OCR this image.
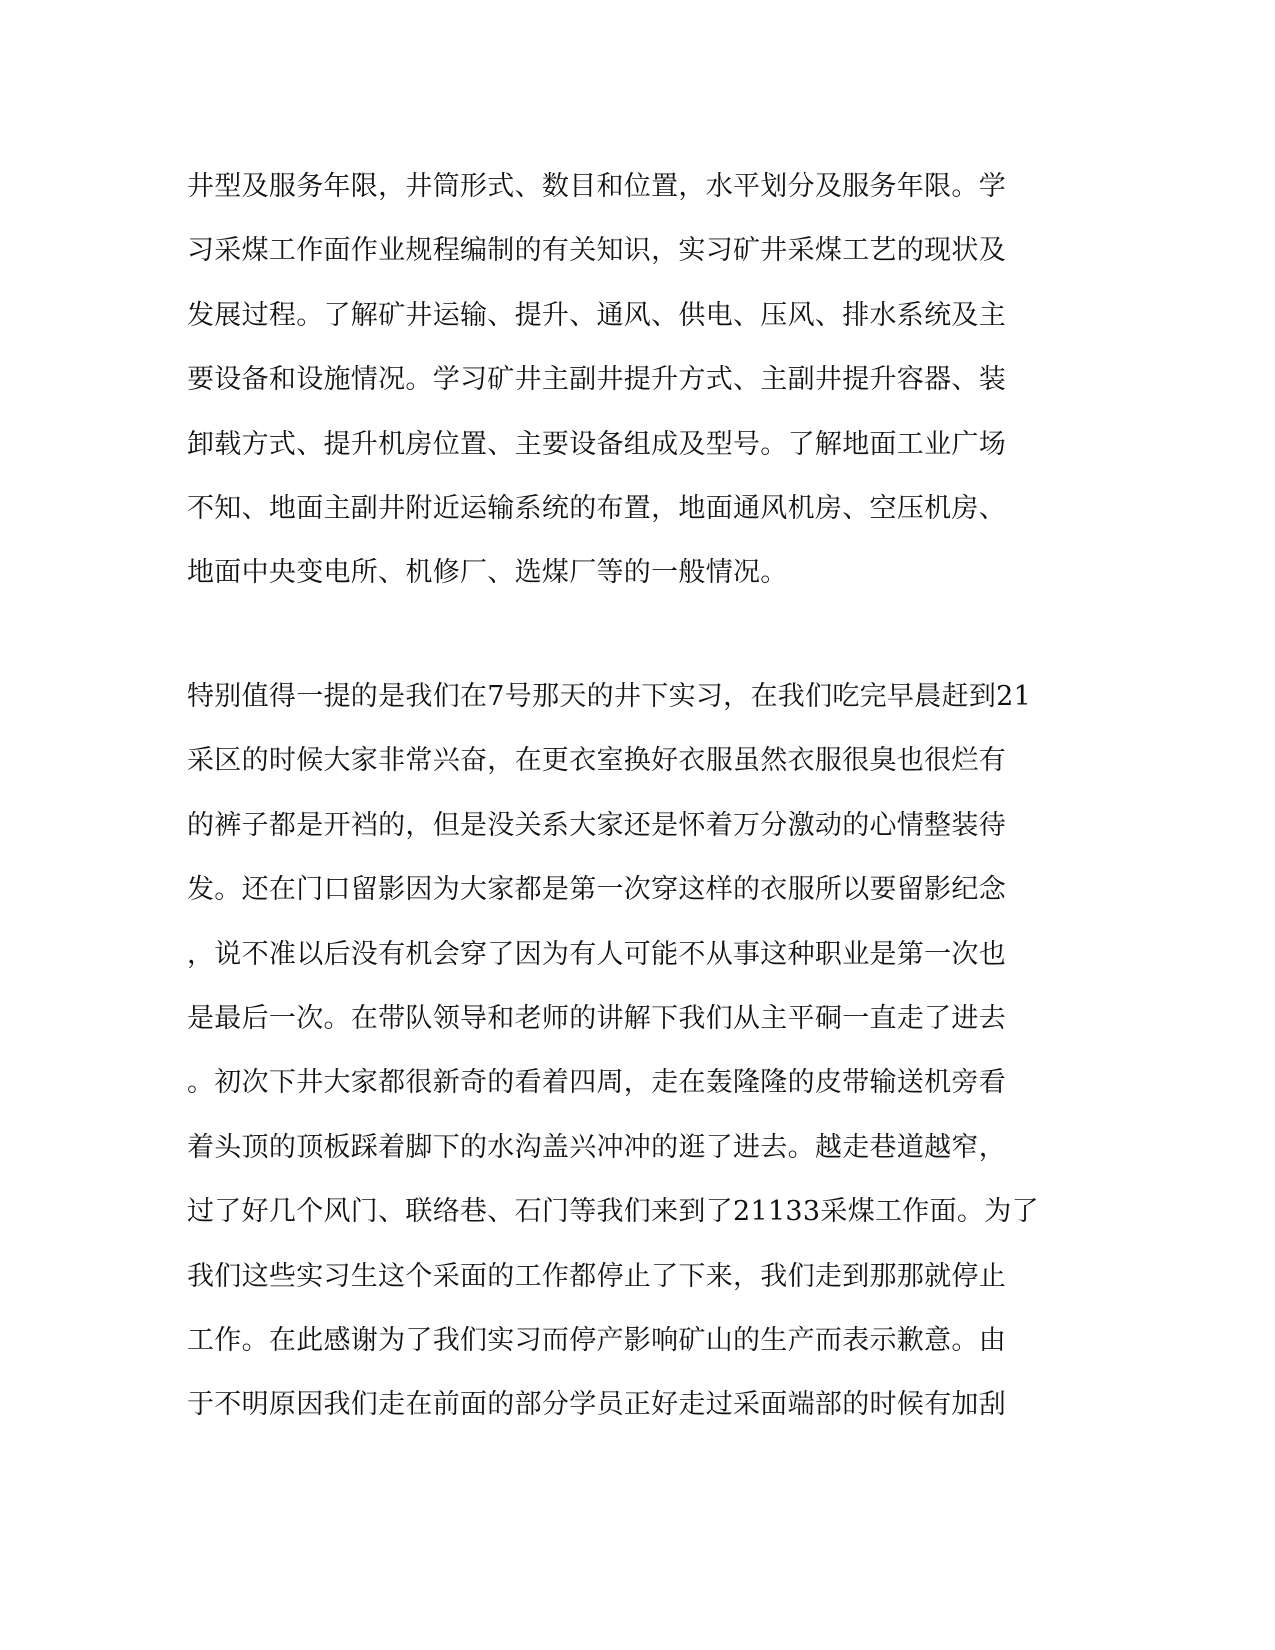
井型及服务年限，井筒形式、数目和位置，水平划分及服务年限。学
习采煤工作面作业规程编制的有关知识，实习矿井采煤工艺的现状及
发展过程。了解矿井运输、提升、通风、供电、压风、排水系统及主
要设备和设施情况。学习矿井主副井提升方式、主副井提升容器、装
卸载方式、提升机房位置、主要设备组成及型号。了解地面工业广场
不知、地面主副井附近运输系统的布置，地面通风机房、空压机房、
地面中央变电所、机修厂、选煤厂等的一般情况。
特别值得一提的是我们在7号那天的井下实习，在我们吃完早晨赶到21
采区的时候大家非常兴奋，在更衣室换好衣服虽然衣服很臭也很烂有
的裤子都是开裆的，但是没关系大家还是怀着万分激动的心情整装待
发。还在门口留影因为大家都是第一次穿这样的衣服所以要留影纪念
，说不准以后没有机会穿了因为有人可能不从事这种职业是第一次也
是最后一次。在带队领导和老师的讲解下我们从主平硐一直走了进去
。初次下井大家都很新奇的看着四周，走在轰隆隆的皮带输送机旁看
着头顶的顶板踩着脚下的水沟盖兴冲冲的逛了进去。越走巷道越窄，
过了好几个风门、联络巷、石门等我们来到了21133采煤工作面。为了
我们这些实习生这个采面的工作都停止了下来，我们走到那那就停止
工作。在此感谢为了我们实习而停产影响矿山的生产而表示歉意。由
于不明原因我们走在前面的部分学员正好走过采面端部的时候有加刮
